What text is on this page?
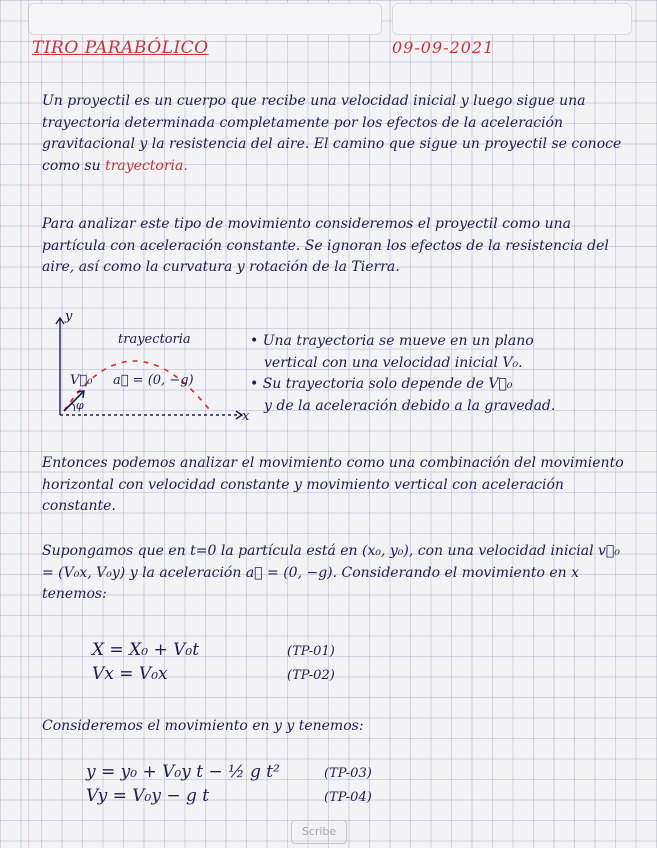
TIRO PARABÓLICO	09-09-2021
Un proyectil es un cuerpo que recibe una velocidad inicial y luego sigue una trayectoria determinada completamente por los efectos de la aceleración gravitacional y la resistencia del aire. El camino que sigue un proyectil se conoce como su trayectoria.
Para analizar este tipo de movimiento consideremos el proyectil como una partícula con aceleración constante. Se ignoran los efectos de la resistencia del aire, así como la curvatura y rotación de la Tierra.
y
x
trayectoria
V⃗₀ a⃗ = (0, −g)
φ
• Una trayectoria se mueve en un plano
vertical con una velocidad inicial V₀.
• Su trayectoria solo depende de V⃗₀
y de la aceleración debido a la gravedad.
Entonces podemos analizar el movimiento como una combinación del movimiento horizontal con velocidad constante y movimiento vertical con aceleración constante.
Supongamos que en t=0 la partícula está en (x₀, y₀), con una velocidad inicial v⃗₀ = (V₀x, V₀y) y la aceleración a⃗ = (0, −g). Considerando el movimiento en x tenemos:
X = X₀ + V₀t	(TP-01)
Vx = V₀x	(TP-02)
Consideremos el movimiento en y y tenemos:
y = y₀ + V₀y t − ½ g t²	(TP-03)
Vy = V₀y − g t	(TP-04)
Scribe
